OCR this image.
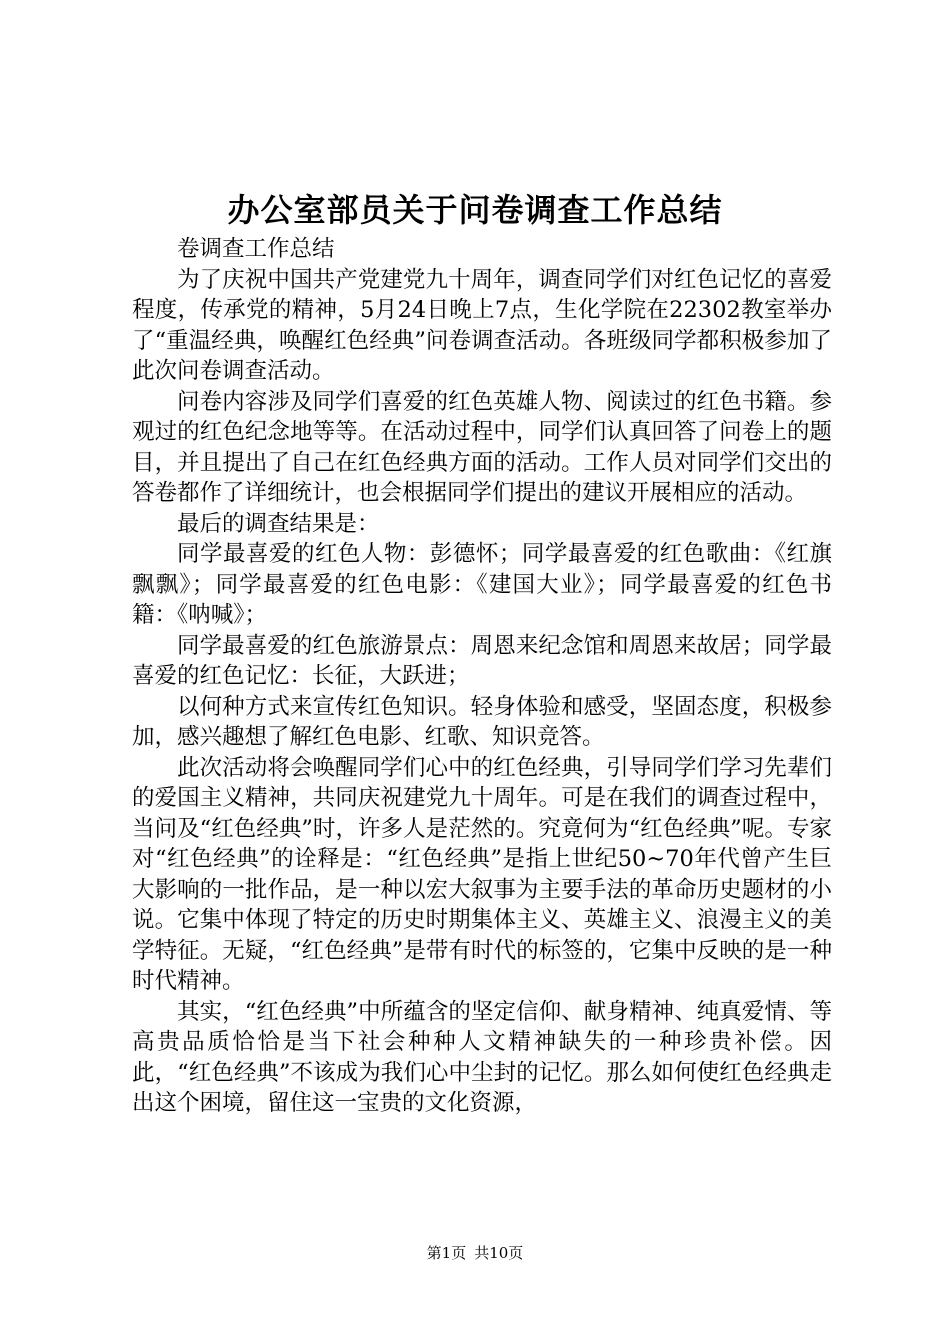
办公室部员关于问卷调查工作总结

卷调查工作总结

为了庆祝中国共产党建党九十周年，调查同学们对红色记忆的喜爱程度，传承党的精神，5月24日晚上7点，生化学院在22302教室举办了“重温经典，唤醒红色经典”问卷调查活动。各班级同学都积极参加了此次问卷调查活动。

问卷内容涉及同学们喜爱的红色英雄人物、阅读过的红色书籍。参观过的红色纪念地等等。在活动过程中，同学们认真回答了问卷上的题目，并且提出了自己在红色经典方面的活动。工作人员对同学们交出的答卷都作了详细统计，也会根据同学们提出的建议开展相应的活动。

最后的调查结果是：

同学最喜爱的红色人物：彭德怀；同学最喜爱的红色歌曲：《红旗飘飘》；同学最喜爱的红色电影：《建国大业》；同学最喜爱的红色书籍：《呐喊》；

同学最喜爱的红色旅游景点：周恩来纪念馆和周恩来故居；同学最喜爱的红色记忆：长征，大跃进；

以何种方式来宣传红色知识。轻身体验和感受，坚固态度，积极参加，感兴趣想了解红色电影、红歌、知识竞答。

此次活动将会唤醒同学们心中的红色经典，引导同学们学习先辈们的爱国主义精神，共同庆祝建党九十周年。可是在我们的调查过程中，当问及“红色经典”时，许多人是茫然的。究竟何为“红色经典”呢。专家对“红色经典”的诠释是：“红色经典”是指上世纪50~70年代曾产生巨大影响的一批作品，是一种以宏大叙事为主要手法的革命历史题材的小说。它集中体现了特定的历史时期集体主义、英雄主义、浪漫主义的美学特征。无疑，“红色经典”是带有时代的标签的，它集中反映的是一种时代精神。

其实，“红色经典”中所蕴含的坚定信仰、献身精神、纯真爱情、等高贵品质恰恰是当下社会种种人文精神缺失的一种珍贵补偿。因此，“红色经典”不该成为我们心中尘封的记忆。那么如何使红色经典走出这个困境，留住这一宝贵的文化资源，

第1页 共10页
